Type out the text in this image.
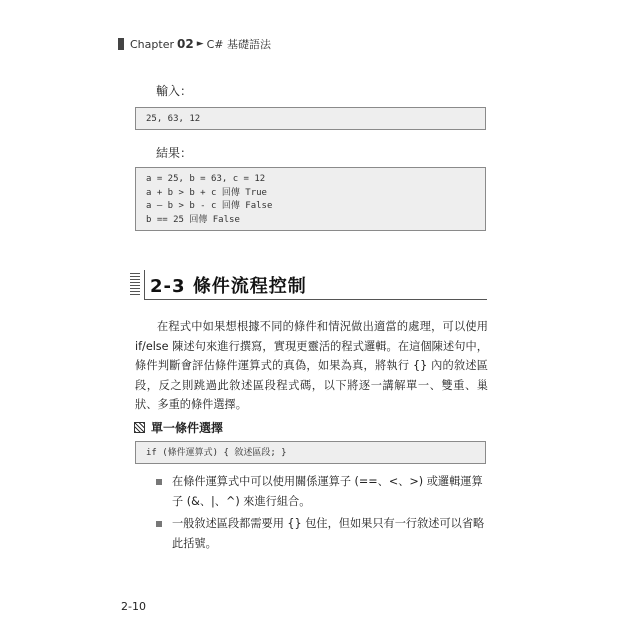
Chapter 02 ► C# 基礎語法
輸入：
25, 63, 12
結果：
a = 25, b = 63, c = 12
a + b > b + c 回傳 True
a – b > b - c 回傳 False
b == 25 回傳 False
2-3 條件流程控制
在程式中如果想根據不同的條件和情況做出適當的處理，可以使用 if/else 陳述句來進行撰寫，實現更靈活的程式邏輯。在這個陳述句中，條件判斷會評估條件運算式的真偽，如果為真，將執行 {} 內的敘述區段，反之則跳過此敘述區段程式碼，以下將逐一講解單一、雙重、巢狀、多重的條件選擇。
單一條件選擇
if (條件運算式) { 敘述區段; }
在條件運算式中可以使用關係運算子 (==、<、>) 或邏輯運算子 (&、|、^) 來進行組合。
一般敘述區段都需要用 {} 包住，但如果只有一行敘述可以省略此括號。
2-10
